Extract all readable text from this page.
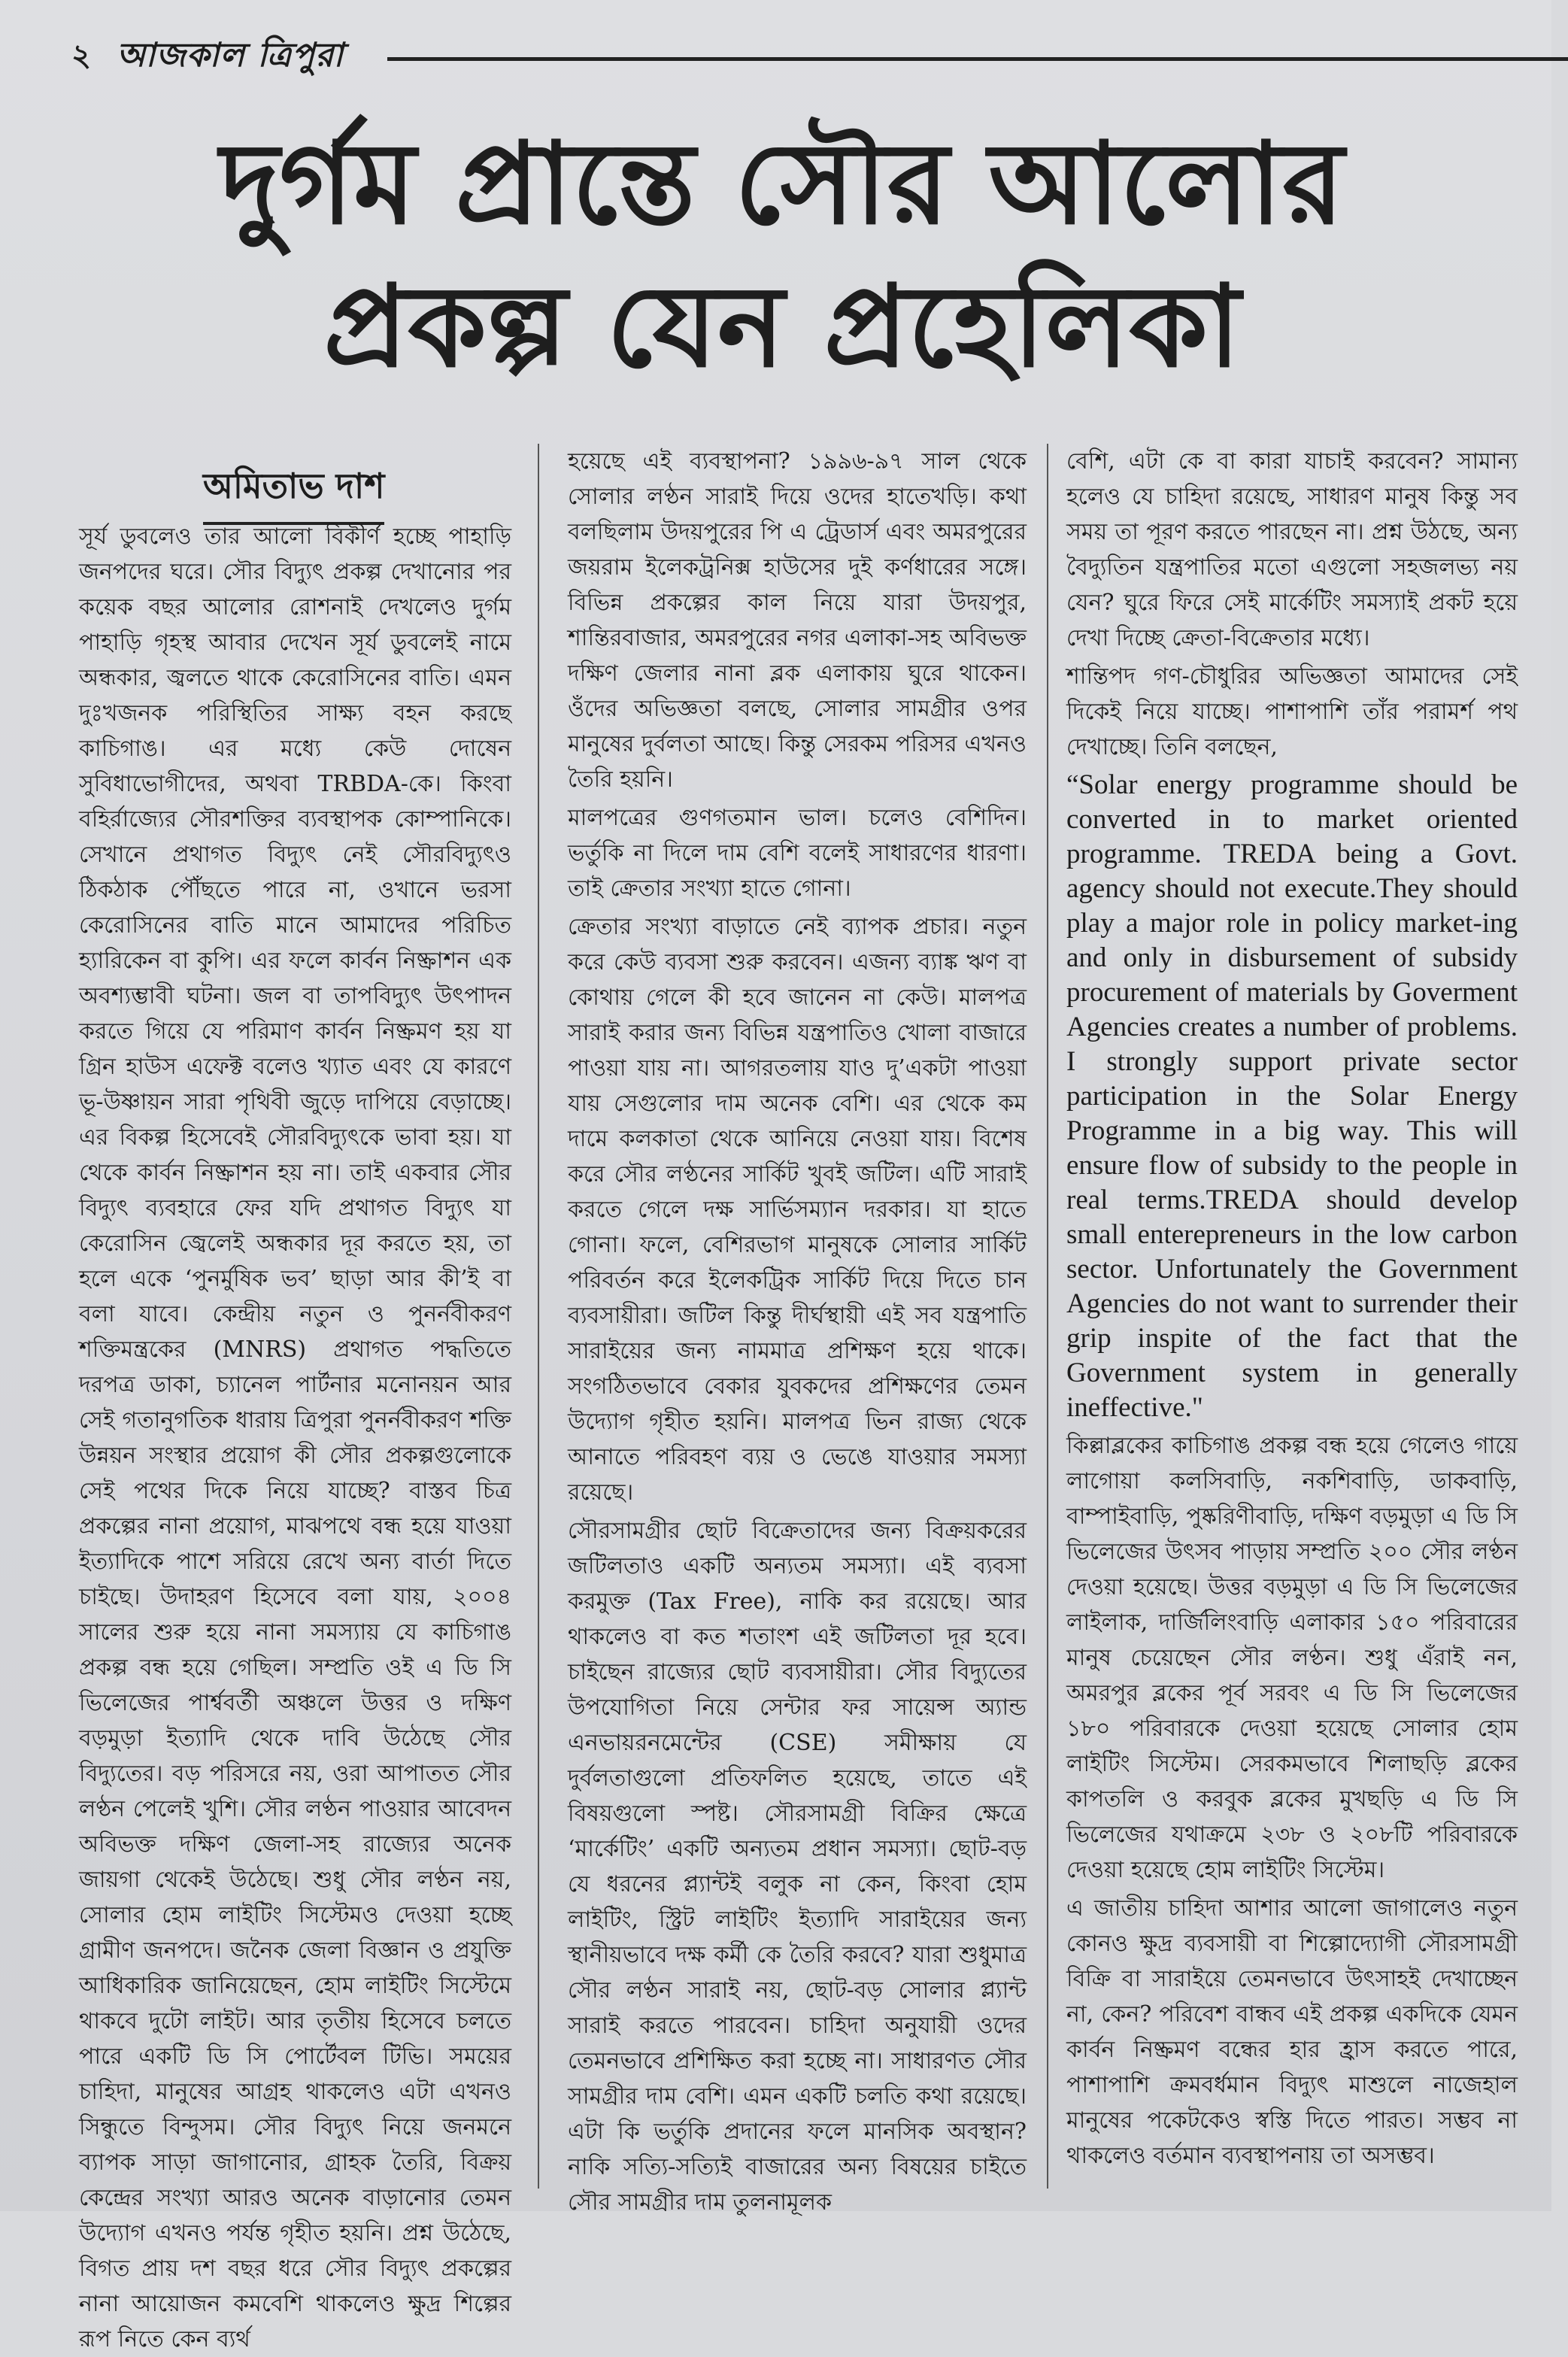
২ আজকাল ত্রিপুরা
দুর্গম প্রান্তে সৌর আলোর প্রকল্প যেন প্রহেলিকা
অমিতাভ দাশ

সূর্য ডুবলেও তার আলো বিকীর্ণ হচ্ছে পাহাড়ি জনপদের ঘরে। সৌর বিদ্যুৎ প্রকল্প দেখানোর পর কয়েক বছর আলোর রোশনাই দেখলেও দুর্গম পাহাড়ি গৃহস্থ আবার দেখেন সূর্য ডুবলেই নামে অন্ধকার, জ্বলতে থাকে কেরোসিনের বাতি। এমন দুঃখজনক পরিস্থিতির সাক্ষ্য বহন করছে কাচিগাঙ। এর মধ্যে কেউ দোষেন সুবিধাভোগীদের, অথবা TRBDA-কে। কিংবা বহির্রাজ্যের সৌরশক্তির ব্যবস্থাপক কোম্পানিকে। সেখানে প্রথাগত বিদ্যুৎ নেই সৌরবিদ্যুৎও ঠিকঠাক পৌঁছতে পারে না, ওখানে ভরসা কেরোসিনের বাতি মানে আমাদের পরিচিত হ্যারিকেন বা কুপি। এর ফলে কার্বন নিষ্ক্রাশন এক অবশ্যম্ভাবী ঘটনা। জল বা তাপবিদ্যুৎ উৎপাদন করতে গিয়ে যে পরিমাণ কার্বন নিষ্ক্রমণ হয় যা গ্রিন হাউস এফেক্ট বলেও খ্যাত এবং যে কারণে ভূ-উষ্ণায়ন সারা পৃথিবী জুড়ে দাপিয়ে বেড়াচ্ছে। এর বিকল্প হিসেবেই সৌরবিদ্যুৎকে ভাবা হয়। যা থেকে কার্বন নিষ্ক্রাশন হয় না। তাই একবার সৌর বিদ্যুৎ ব্যবহারে ফের যদি প্রথাগত বিদ্যুৎ যা কেরোসিন জ্বেলেই অন্ধকার দূর করতে হয়, তা হলে একে ‘পুনর্মুষিক ভব’ ছাড়া আর কী’ই বা বলা যাবে। কেন্দ্রীয় নতুন ও পুনর্নবীকরণ শক্তিমন্ত্রকের (MNRS) প্রথাগত পদ্ধতিতে দরপত্র ডাকা, চ্যানেল পার্টনার মনোনয়ন আর সেই গতানুগতিক ধারায় ত্রিপুরা পুনর্নবীকরণ শক্তি উন্নয়ন সংস্থার প্রয়োগ কী সৌর প্রকল্পগুলোকে সেই পথের দিকে নিয়ে যাচ্ছে? বাস্তব চিত্র প্রকল্পের নানা প্রয়োগ, মাঝপথে বন্ধ হয়ে যাওয়া ইত্যাদিকে পাশে সরিয়ে রেখে অন্য বার্তা দিতে চাইছে। উদাহরণ হিসেবে বলা যায়, ২০০৪ সালের শুরু হয়ে নানা সমস্যায় যে কাচিগাঙ প্রকল্প বন্ধ হয়ে গেছিল। সম্প্রতি ওই এ ডি সি ভিলেজের পার্শ্ববর্তী অঞ্চলে উত্তর ও দক্ষিণ বড়মুড়া ইত্যাদি থেকে দাবি উঠেছে সৌর বিদ্যুতের। বড় পরিসরে নয়, ওরা আপাতত সৌর লণ্ঠন পেলেই খুশি। সৌর লণ্ঠন পাওয়ার আবেদন অবিভক্ত দক্ষিণ জেলা-সহ রাজ্যের অনেক জায়গা থেকেই উঠেছে। শুধু সৌর লণ্ঠন নয়, সোলার হোম লাইটিং সিস্টেমও দেওয়া হচ্ছে গ্রামীণ জনপদে। জনৈক জেলা বিজ্ঞান ও প্রযুক্তি আধিকারিক জানিয়েছেন, হোম লাইটিং সিস্টেমে থাকবে দুটো লাইট। আর তৃতীয় হিসেবে চলতে পারে একটি ডি সি পোর্টেবল টিভি। সময়ের চাহিদা, মানুষের আগ্রহ থাকলেও এটা এখনও সিন্ধুতে বিন্দুসম। সৌর বিদ্যুৎ নিয়ে জনমনে ব্যাপক সাড়া জাগানোর, গ্রাহক তৈরি, বিক্রয় কেন্দ্রের সংখ্যা আরও অনেক বাড়ানোর তেমন উদ্যোগ এখনও পর্যন্ত গৃহীত হয়নি। প্রশ্ন উঠেছে, বিগত প্রায় দশ বছর ধরে সৌর বিদ্যুৎ প্রকল্পের নানা আয়োজন কমবেশি থাকলেও ক্ষুদ্র শিল্পের রূপ নিতে কেন ব্যর্থ

হয়েছে এই ব্যবস্থাপনা? ১৯৯৬-৯৭ সাল থেকে সোলার লণ্ঠন সারাই দিয়ে ওদের হাতেখড়ি। কথা বলছিলাম উদয়পুরের পি এ ট্রেডার্স এবং অমরপুরের জয়রাম ইলেকট্রনিক্স হাউসের দুই কর্ণধারের সঙ্গে। বিভিন্ন প্রকল্পের কাল নিয়ে যারা উদয়পুর, শান্তিরবাজার, অমরপুরের নগর এলাকা-সহ অবিভক্ত দক্ষিণ জেলার নানা ব্লক এলাকায় ঘুরে থাকেন। ওঁদের অভিজ্ঞতা বলছে, সোলার সামগ্রীর ওপর মানুষের দুর্বলতা আছে। কিন্তু সেরকম পরিসর এখনও তৈরি হয়নি।

মালপত্রের গুণগতমান ভাল। চলেও বেশিদিন। ভর্তুকি না দিলে দাম বেশি বলেই সাধারণের ধারণা। তাই ক্রেতার সংখ্যা হাতে গোনা।

ক্রেতার সংখ্যা বাড়াতে নেই ব্যাপক প্রচার। নতুন করে কেউ ব্যবসা শুরু করবেন। এজন্য ব্যাঙ্ক ঋণ বা কোথায় গেলে কী হবে জানেন না কেউ। মালপত্র সারাই করার জন্য বিভিন্ন যন্ত্রপাতিও খোলা বাজারে পাওয়া যায় না। আগরতলায় যাও দু’একটা পাওয়া যায় সেগুলোর দাম অনেক বেশি। এর থেকে কম দামে কলকাতা থেকে আনিয়ে নেওয়া যায়। বিশেষ করে সৌর লণ্ঠনের সার্কিট খুবই জটিল। এটি সারাই করতে গেলে দক্ষ সার্ভিসম্যান দরকার। যা হাতে গোনা। ফলে, বেশিরভাগ মানুষকে সোলার সার্কিট পরিবর্তন করে ইলেকট্রিক সার্কিট দিয়ে দিতে চান ব্যবসায়ীরা। জটিল কিন্তু দীর্ঘস্থায়ী এই সব যন্ত্রপাতি সারাইয়ের জন্য নামমাত্র প্রশিক্ষণ হয়ে থাকে। সংগঠিতভাবে বেকার যুবকদের প্রশিক্ষণের তেমন উদ্যোগ গৃহীত হয়নি। মালপত্র ভিন রাজ্য থেকে আনাতে পরিবহণ ব্যয় ও ভেঙে যাওয়ার সমস্যা রয়েছে।

সৌরসামগ্রীর ছোট বিক্রেতাদের জন্য বিক্রয়করের জটিলতাও একটি অন্যতম সমস্যা। এই ব্যবসা করমুক্ত (Tax Free), নাকি কর রয়েছে। আর থাকলেও বা কত শতাংশ এই জটিলতা দূর হবে। চাইছেন রাজ্যের ছোট ব্যবসায়ীরা। সৌর বিদ্যুতের উপযোগিতা নিয়ে সেন্টার ফর সায়েন্স অ্যান্ড এনভায়রনমেন্টের (CSE) সমীক্ষায় যে দুর্বলতাগুলো প্রতিফলিত হয়েছে, তাতে এই বিষয়গুলো স্পষ্ট। সৌরসামগ্রী বিক্রির ক্ষেত্রে ‘মার্কেটিং’ একটি অন্যতম প্রধান সমস্যা। ছোট-বড় যে ধরনের প্ল্যান্টই বলুক না কেন, কিংবা হোম লাইটিং, স্ট্রিট লাইটিং ইত্যাদি সারাইয়ের জন্য স্থানীয়ভাবে দক্ষ কর্মী কে তৈরি করবে? যারা শুধুমাত্র সৌর লণ্ঠন সারাই নয়, ছোট-বড় সোলার প্ল্যান্ট সারাই করতে পারবেন। চাহিদা অনুযায়ী ওদের তেমনভাবে প্রশিক্ষিত করা হচ্ছে না। সাধারণত সৌর সামগ্রীর দাম বেশি। এমন একটি চলতি কথা রয়েছে। এটা কি ভর্তুকি প্রদানের ফলে মানসিক অবস্থান? নাকি সত্যি-সত্যিই বাজারের অন্য বিষয়ের চাইতে সৌর সামগ্রীর দাম তুলনামূলক

বেশি, এটা কে বা কারা যাচাই করবেন? সামান্য হলেও যে চাহিদা রয়েছে, সাধারণ মানুষ কিন্তু সব সময় তা পূরণ করতে পারছেন না। প্রশ্ন উঠছে, অন্য বৈদ্যুতিন যন্ত্রপাতির মতো এগুলো সহজলভ্য নয় যেন? ঘুরে ফিরে সেই মার্কেটিং সমস্যাই প্রকট হয়ে দেখা দিচ্ছে ক্রেতা-বিক্রেতার মধ্যে।

শান্তিপদ গণ-চৌধুরির অভিজ্ঞতা আমাদের সেই দিকেই নিয়ে যাচ্ছে। পাশাপাশি তাঁর পরামর্শ পথ দেখাচ্ছে। তিনি বলছেন,

“Solar energy programme should be converted in to market oriented programme. TREDA being a Govt. agency should not execute.They should play a major role in policy market-ing and only in disbursement of subsidy procurement of materials by Goverment Agencies creates a number of problems. I strongly support private sector participation in the Solar Energy Programme in a big way. This will ensure flow of subsidy to the people in real terms.TREDA should develop small enterepreneurs in the low carbon sector. Unfortunately the Government Agencies do not want to surrender their grip inspite of the fact that the Government system in generally ineffective."

কিল্লাব্লকের কাচিগাঙ প্রকল্প বন্ধ হয়ে গেলেও গায়ে লাগোয়া কলসিবাড়ি, নকশিবাড়ি, ডাকবাড়ি, বাম্পাইবাড়ি, পুষ্করিণীবাড়ি, দক্ষিণ বড়মুড়া এ ডি সি ভিলেজের উৎসব পাড়ায় সম্প্রতি ২০০ সৌর লণ্ঠন দেওয়া হয়েছে। উত্তর বড়মুড়া এ ডি সি ভিলেজের লাইলাক, দার্জিলিংবাড়ি এলাকার ১৫০ পরিবারের মানুষ চেয়েছেন সৌর লণ্ঠন। শুধু এঁরাই নন, অমরপুর ব্লকের পূর্ব সরবং এ ডি সি ভিলেজের ১৮০ পরিবারকে দেওয়া হয়েছে সোলার হোম লাইটিং সিস্টেম। সেরকমভাবে শিলাছড়ি ব্লকের কাপতলি ও করবুক ব্লকের মুখছড়ি এ ডি সি ভিলেজের যথাক্রমে ২৩৮ ও ২০৮টি পরিবারকে দেওয়া হয়েছে হোম লাইটিং সিস্টেম।

এ জাতীয় চাহিদা আশার আলো জাগালেও নতুন কোনও ক্ষুদ্র ব্যবসায়ী বা শিল্পোদ্যোগী সৌরসামগ্রী বিক্রি বা সারাইয়ে তেমনভাবে উৎসাহই দেখাচ্ছেন না, কেন? পরিবেশ বান্ধব এই প্রকল্প একদিকে যেমন কার্বন নিষ্ক্রমণ বন্ধের হার হ্রাস করতে পারে, পাশাপাশি ক্রমবর্ধমান বিদ্যুৎ মাশুলে নাজেহাল মানুষের পকেটকেও স্বস্তি দিতে পারত। সম্ভব না থাকলেও বর্তমান ব্যবস্থাপনায় তা অসম্ভব।
